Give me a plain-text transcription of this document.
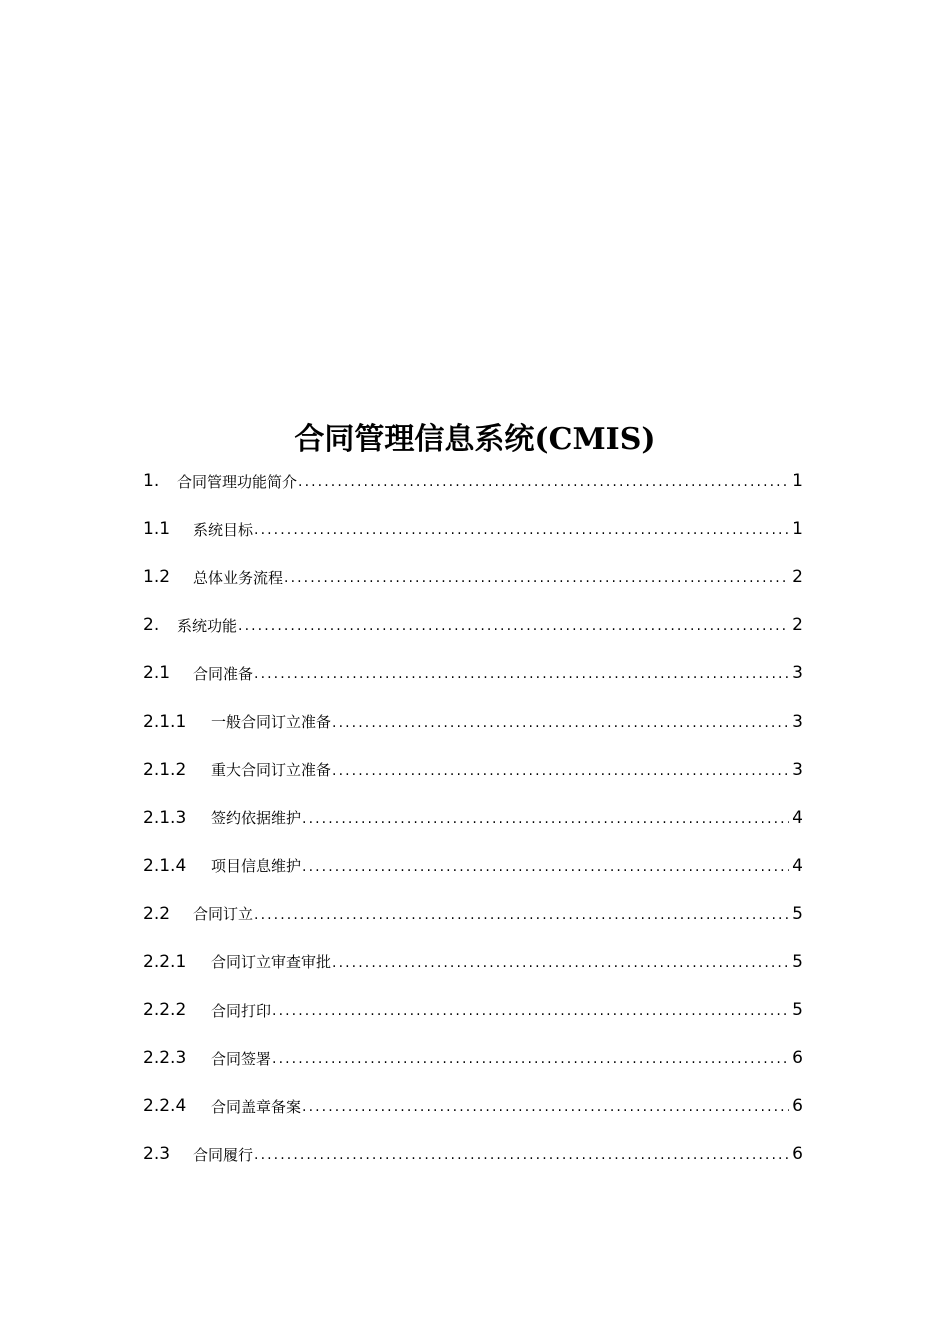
合同管理信息系统(CMIS)
1.	合同管理功能简介 .....	1
1.1	系统目标 .....	1
1.2	总体业务流程 .....	2
2.	系统功能 .....	2
2.1	合同准备 .....	3
2.1.1	一般合同订立准备 .....	3
2.1.2	重大合同订立准备 .....	3
2.1.3	签约依据维护 .....	4
2.1.4	项目信息维护 .....	4
2.2	合同订立 .....	5
2.2.1	合同订立审查审批 .....	5
2.2.2	合同打印 .....	5
2.2.3	合同签署 .....	6
2.2.4	合同盖章备案 .....	6
2.3	合同履行 .....	6
